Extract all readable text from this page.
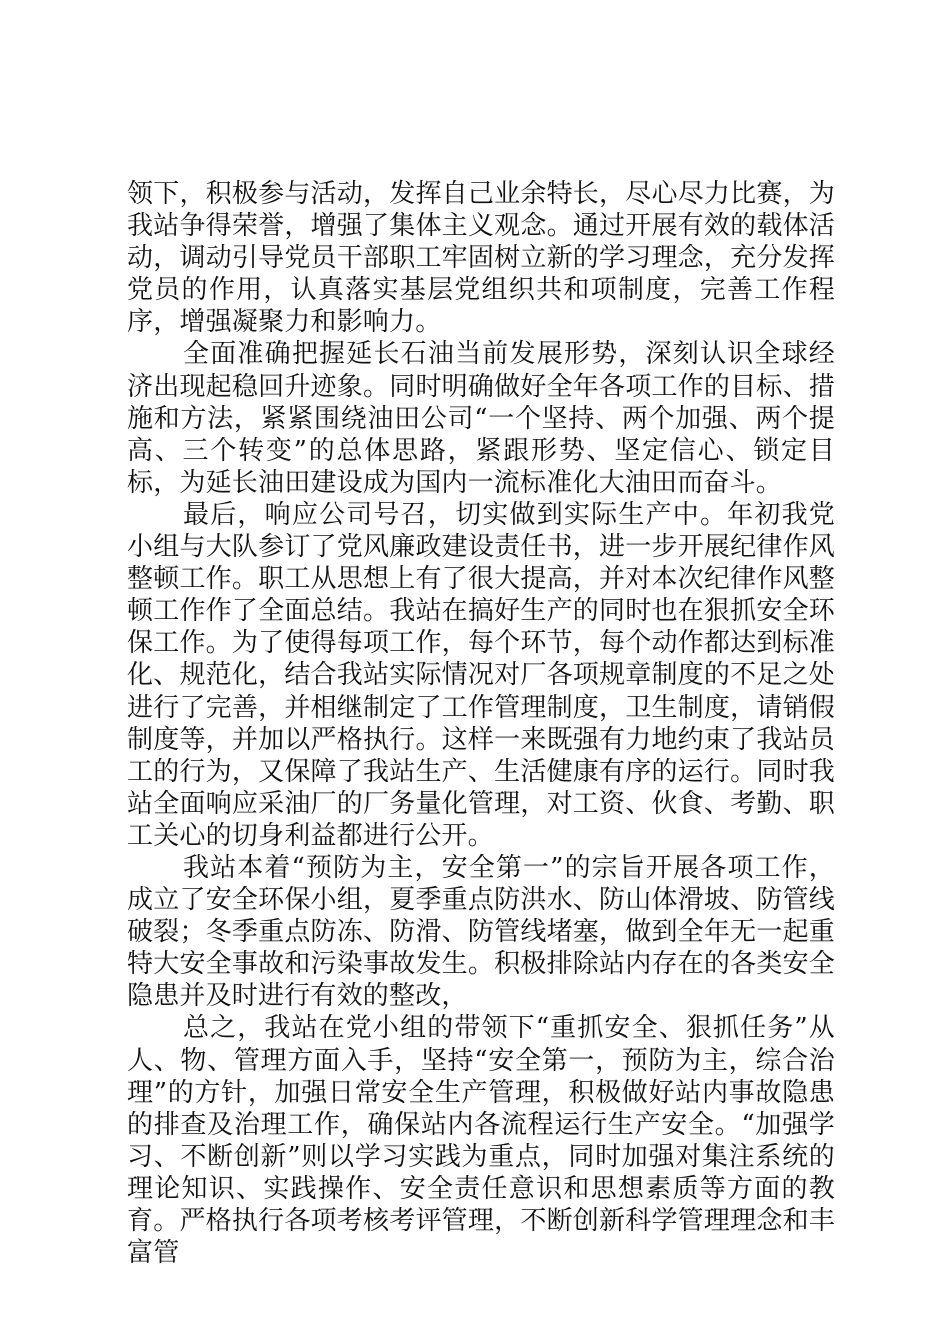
领下，积极参与活动，发挥自己业余特长，尽心尽力比赛，为我站争得荣誉，增强了集体主义观念。通过开展有效的载体活动，调动引导党员干部职工牢固树立新的学习理念，充分发挥党员的作用，认真落实基层党组织共和项制度，完善工作程序，增强凝聚力和影响力。

全面准确把握延长石油当前发展形势，深刻认识全球经济出现起稳回升迹象。同时明确做好全年各项工作的目标、措施和方法，紧紧围绕油田公司“一个坚持、两个加强、两个提高、三个转变”的总体思路，紧跟形势、坚定信心、锁定目标，为延长油田建设成为国内一流标准化大油田而奋斗。

最后，响应公司号召，切实做到实际生产中。年初我党小组与大队参订了党风廉政建设责任书，进一步开展纪律作风整顿工作。职工从思想上有了很大提高，并对本次纪律作风整顿工作作了全面总结。我站在搞好生产的同时也在狠抓安全环保工作。为了使得每项工作，每个环节，每个动作都达到标准化、规范化，结合我站实际情况对厂各项规章制度的不足之处进行了完善，并相继制定了工作管理制度，卫生制度，请销假制度等，并加以严格执行。这样一来既强有力地约束了我站员工的行为，又保障了我站生产、生活健康有序的运行。同时我站全面响应采油厂的厂务量化管理，对工资、伙食、考勤、职工关心的切身利益都进行公开。

我站本着“预防为主，安全第一”的宗旨开展各项工作，成立了安全环保小组，夏季重点防洪水、防山体滑坡、防管线破裂；冬季重点防冻、防滑、防管线堵塞，做到全年无一起重特大安全事故和污染事故发生。积极排除站内存在的各类安全隐患并及时进行有效的整改，

总之，我站在党小组的带领下“重抓安全、狠抓任务”从人、物、管理方面入手，坚持“安全第一，预防为主，综合治理”的方针，加强日常安全生产管理，积极做好站内事故隐患的排查及治理工作，确保站内各流程运行生产安全。“加强学习、不断创新”则以学习实践为重点，同时加强对集注系统的理论知识、实践操作、安全责任意识和思想素质等方面的教育。严格执行各项考核考评管理，不断创新科学管理理念和丰富管
